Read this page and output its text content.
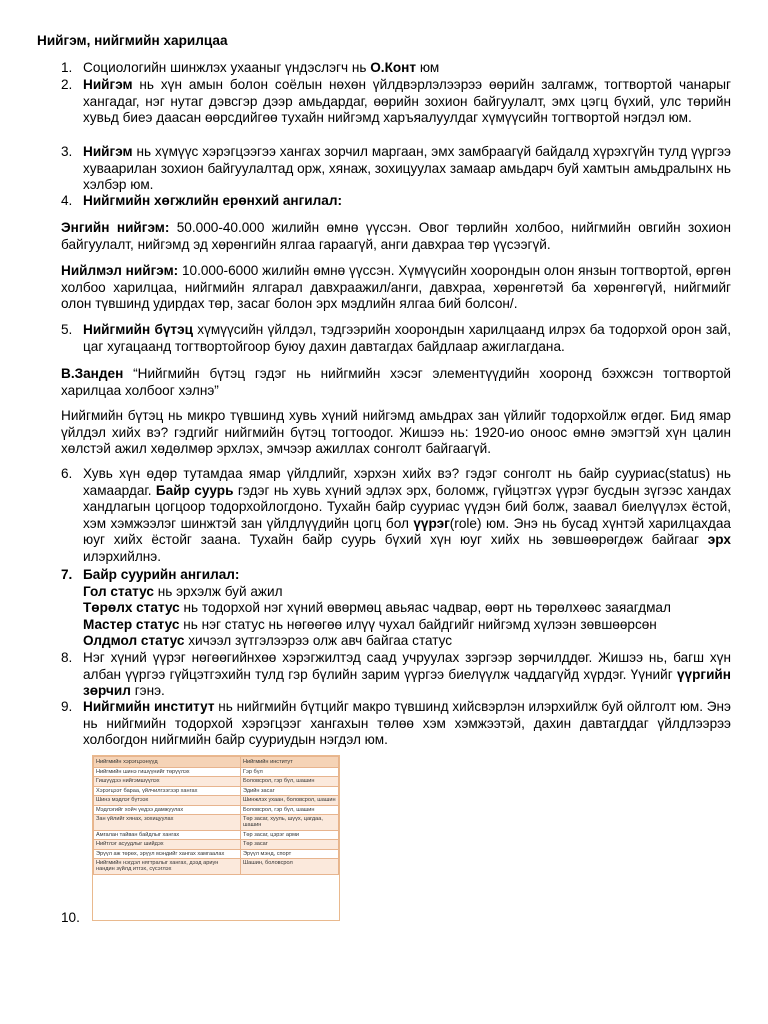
Нийгэм, нийгмийн харилцаа
1. Социологийн шинжлэх ухааныг үндэслэгч нь О.Конт юм
2. Нийгэм нь хүн амын болон соёлын нөхөн үйлдвэрлэлээрээ өөрийн залгамж, тогтвортой чанарыг хангадаг, нэг нутаг дэвсгэр дээр амьдардаг, өөрийн зохион байгуулалт, эмх цэгц бүхий, улс төрийн хувьд биеэ даасан өөрсдийгөө тухайн нийгэмд харъяалуулдаг хүмүүсийн тогтвортой нэгдэл юм.
3. Нийгэм нь хүмүүс хэрэгцээгээ хангах зорчил маргаан, эмх замбраагүй байдалд хүрэхгүйн тулд үүргээ хуваарилан зохион байгуулалтад орж, хянаж, зохицуулах замаар амьдарч буй хамтын амьдралынх нь хэлбэр юм.
4. Нийгмийн хөгжлийн ерөнхий ангилал:
Энгийн нийгэм: 50.000-40.000 жилийн өмнө үүссэн. Овог төрлийн холбоо, нийгмийн овгийн зохион байгуулалт, нийгэмд эд хөрөнгийн ялгаа гараагүй, анги давхраа төр үүсээгүй.
Нийлмэл нийгэм: 10.000-6000 жилийн өмнө үүссэн. Хүмүүсийн хоорондын олон янзын тогтвортой, өргөн холбоо харилцаа, нийгмийн ялгарал давхраажил/анги, давхраа, хөрөнгөтэй ба хөрөнгөгүй, нийгмийг олон түвшинд удирдах төр, засаг болон эрх мэдлийн ялгаа бий болсон/.
5. Нийгмийн бүтэц хүмүүсийн үйлдэл, тэдгээрийн хоорондын харилцаанд илрэх ба тодорхой орон зай, цаг хугацаанд тогтвортойгоор буюу дахин давтагдах байдлаар ажиглагдана.
В.Занден “Нийгмийн бүтэц гэдэг нь нийгмийн хэсэг элементүүдийн хооронд бэхжсэн тогтвортой харилцаа холбоог хэлнэ”
Нийгмийн бүтэц нь микро түвшинд хувь хүний нийгэмд амьдрах зан үйлийг тодорхойлж өгдөг. Бид ямар үйлдэл хийх вэ? гэдгийг нийгмийн бүтэц тогтоодог. Жишээ нь: 1920-ио оноос өмнө эмэгтэй хүн цалин хөлстэй ажил хөдөлмөр эрхлэх, эмчээр ажиллах сонголт байгаагүй.
6. Хувь хүн өдөр тутамдаа ямар үйлдлийг, хэрхэн хийх вэ? гэдэг сонголт нь байр сууриас(status) нь хамаардаг. Байр суурь гэдэг нь хувь хүний эдлэх эрх, боломж, гүйцэтгэх үүрэг бусдын зүгээс хандах хандлагын цогцоор тодорхойлогдоно. Тухайн байр сууриас үүдэн бий болж, заавал биелүүлэх ёстой, хэм хэмжээлэг шинжтэй зан үйлдлүүдийн цогц бол үүрэг(role) юм. Энэ нь бусад хүнтэй харилцахдаа юуг хийх ёстойг заана. Тухайн байр суурь бүхий хүн юуг хийх нь зөвшөөрөгдөж байгааг эрх илэрхийлнэ.
7. Байр суурийн ангилал:
Гол статус нь эрхэлж буй ажил
Төрөлх статус нь тодорхой нэг хүний өвөрмөц авьяас чадвар, өөрт нь төрөлхөөс заяагдмал
Мастер статус нь нэг статус нь нөгөөгөө илүү чухал байдгийг нийгэмд хүлээн зөвшөөрсөн
Олдмол статус хичээл зүтгэлээрээ олж авч байгаа статус
8. Нэг хүний үүрэг нөгөөгийнхөө хэрэгжилтэд саад учруулах зэргээр зөрчилддөг. Жишээ нь, багш хүн албан үүргээ гүйцэтгэхийн тулд гэр бүлийн зарим үүргээ биелүүлж чаддагүйд хүрдэг. Үүнийг үүргийн зөрчил гэнэ.
9. Нийгмийн институт нь нийгмийн бүтцийг макро түвшинд хийсвэрлэн илэрхийлж буй ойлголт юм. Энэ нь нийгмийн тодорхой хэрэгцээг хангахын төлөө хэм хэмжээтэй, дахин давтагддаг үйлдлээрээ холбогдон нийгмийн байр сууриудын нэгдэл юм.
Нийгмийн хэрэгцээнүүд	Нийгмийн институт
Нийгмийн шинэ гишүүнийг төрүүлэх	Гэр бүл
Гишүүдээ нийгэмшүүлэх	Боловсрол, гэр бүл, шашин
Хэрэгцээт бараа, үйлчилгээгээр хангах	Эдийн засаг
Шинэ мэдлэг бүтээх	Шинжлэх ухаан, боловсрол, шашин
Мэдлэгийг хойч үедээ дамжуулах	Боловсрол, гэр бүл, шашин
Зан үйлийг хянах, зохицуулах	Төр засаг, хууль, шүүх, цагдаа, шашин
Амгалан тайван байдлыг хангах	Төр засаг, цэрэг арми
Нийтлэг асуудлыг шийдэх	Төр засаг
Эрүүл аж төрөх, эрүүл мэндийг хангах хамгаалах	Эрүүл мэнд, спорт
Нийгмийн нэгдэл нягтралыг хангах, дээд ариун нандин зүйлд итгэх, сүсэглэх	Шашин, боловсрол
10.
